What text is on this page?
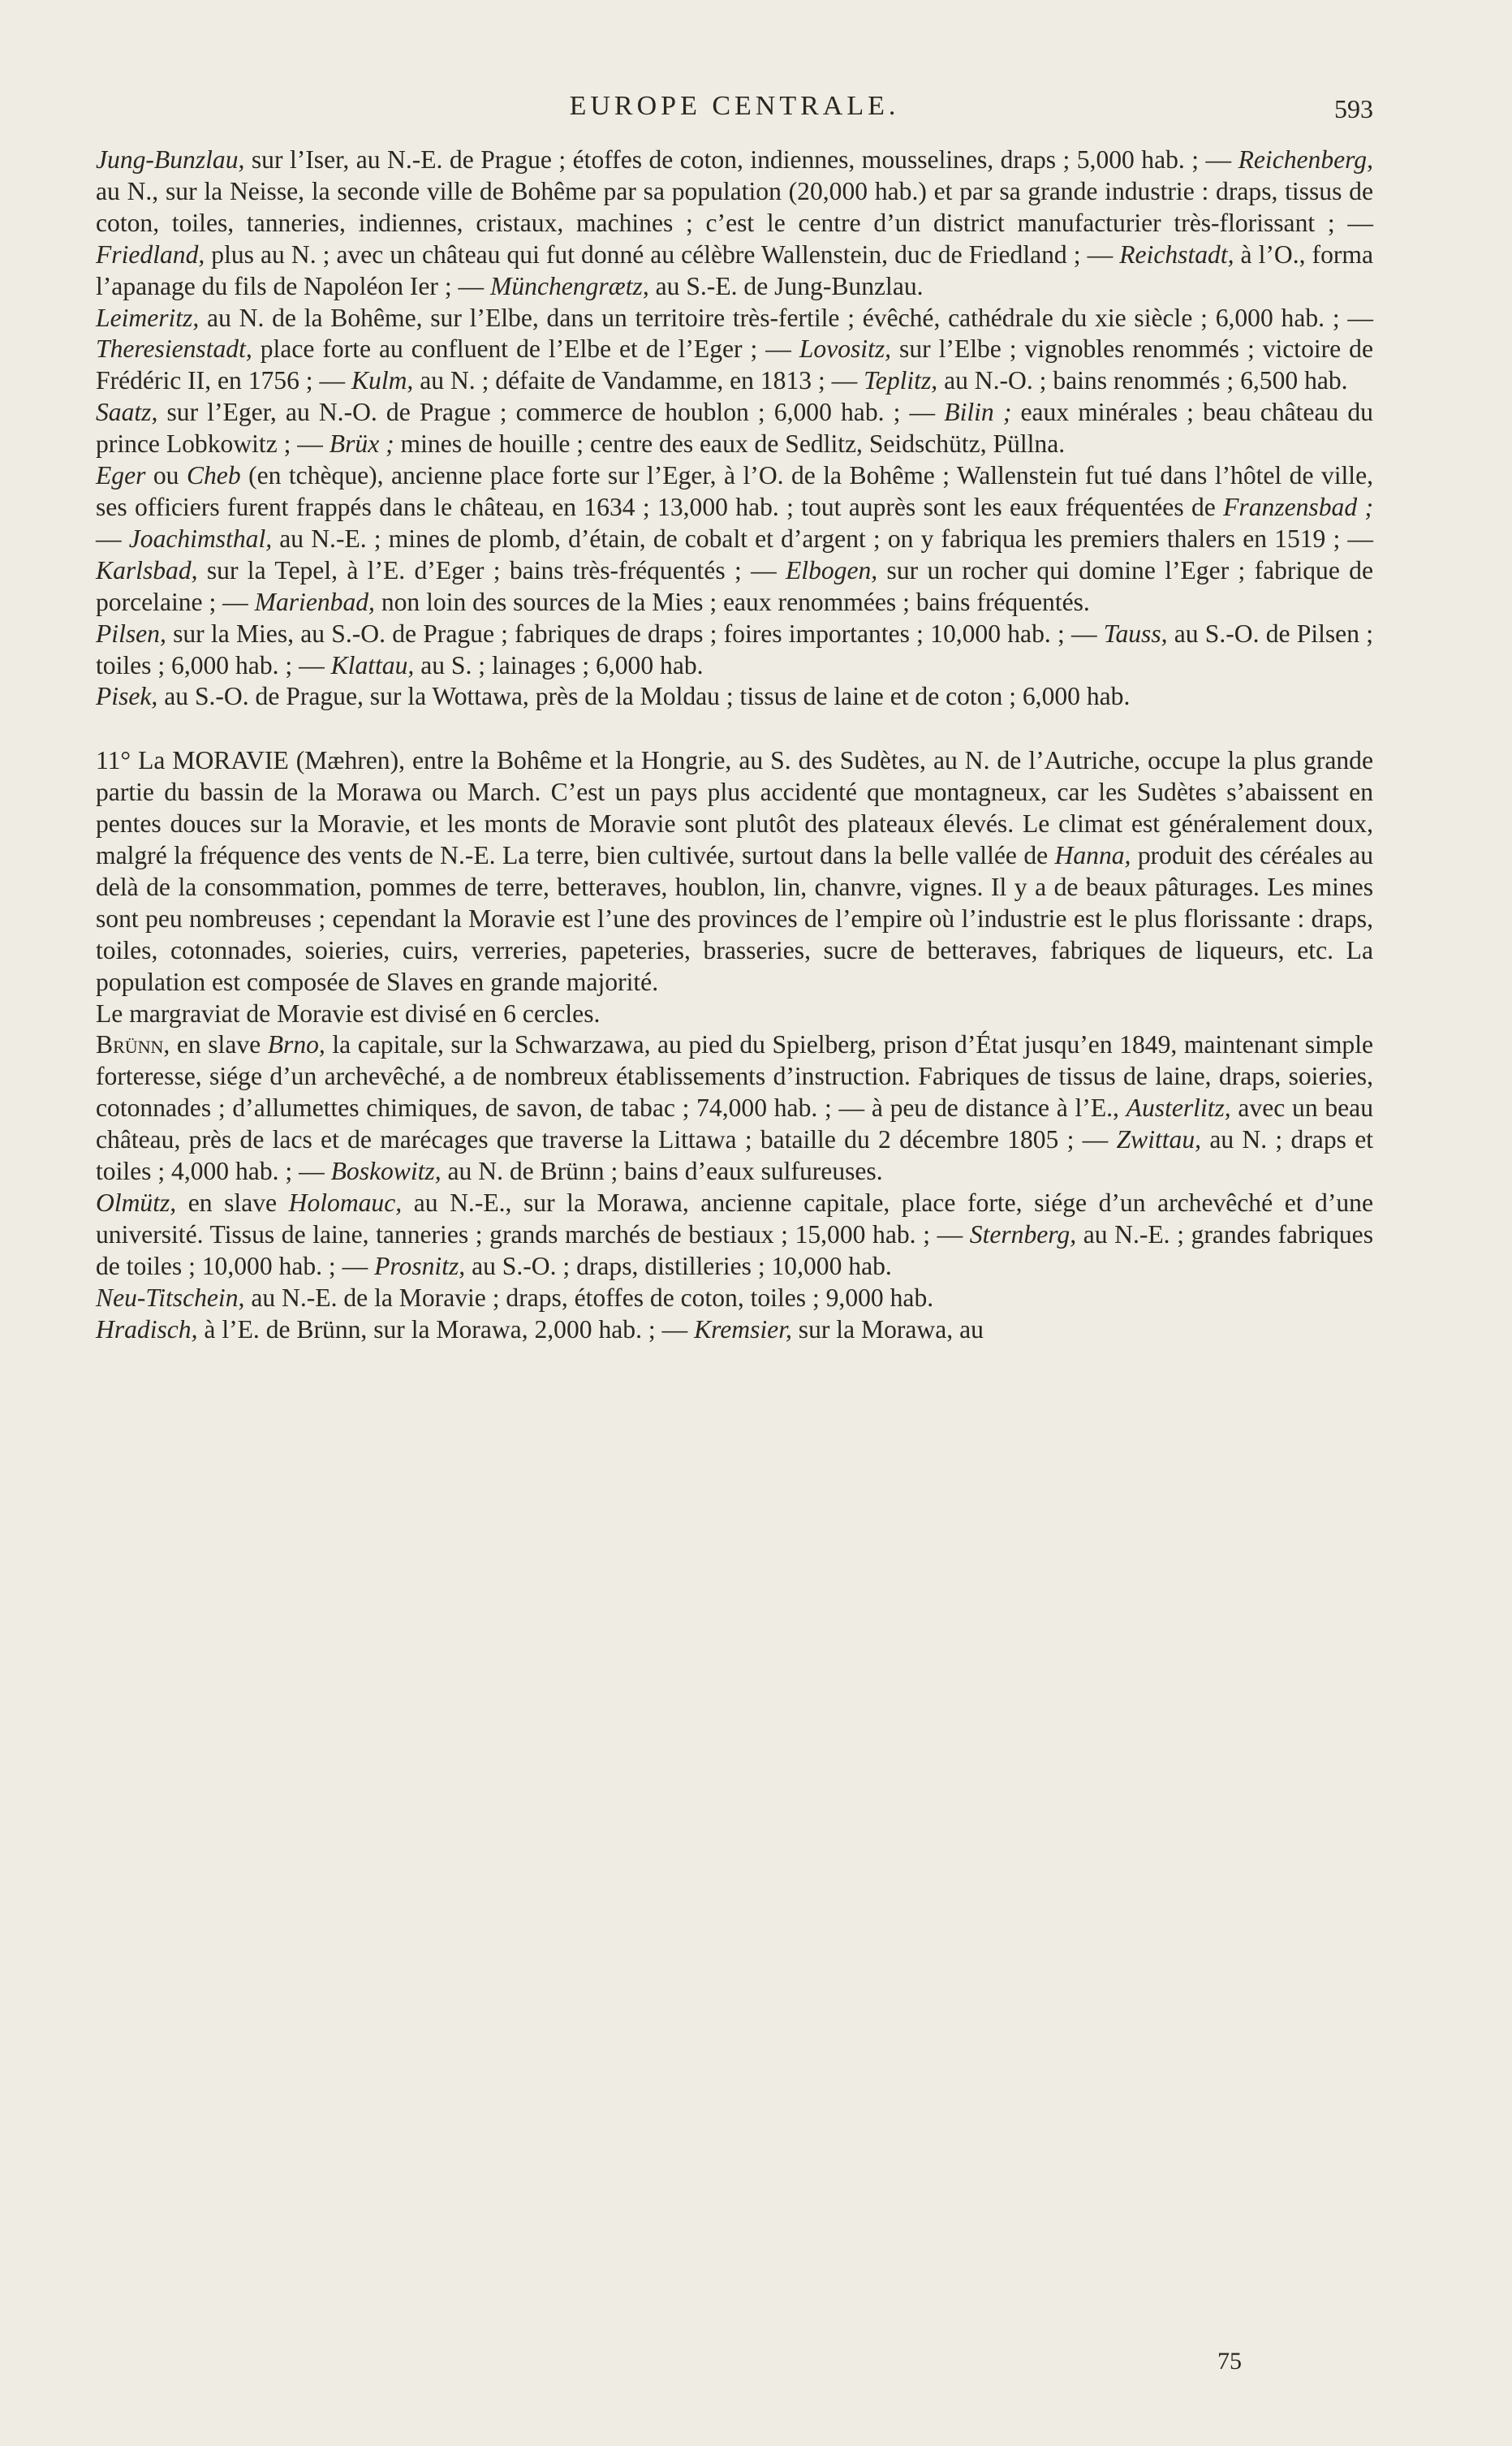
EUROPE CENTRALE.	593

Jung-Bunzlau, sur l’Iser, au N.-E. de Prague ; étoffes de coton, indiennes, mousselines, draps ; 5,000 hab. ; — Reichenberg, au N., sur la Neisse, la seconde ville de Bohême par sa population (20,000 hab.) et par sa grande industrie : draps, tissus de coton, toiles, tanneries, indiennes, cristaux, machines ; c’est le centre d’un district manufacturier très-florissant ; — Friedland, plus au N. ; avec un château qui fut donné au célèbre Wallenstein, duc de Friedland ; — Reichstadt, à l’O., forma l’apanage du fils de Napoléon Ier ; — Münchengrætz, au S.-E. de Jung-Bunzlau.

Leimeritz, au N. de la Bohême, sur l’Elbe, dans un territoire très-fertile ; évêché, cathédrale du xie siècle ; 6,000 hab. ; — Theresienstadt, place forte au confluent de l’Elbe et de l’Eger ; — Lovositz, sur l’Elbe ; vignobles renommés ; victoire de Frédéric II, en 1756 ; — Kulm, au N. ; défaite de Vandamme, en 1813 ; — Teplitz, au N.-O. ; bains renommés ; 6,500 hab.

Saatz, sur l’Eger, au N.-O. de Prague ; commerce de houblon ; 6,000 hab. ; — Bilin ; eaux minérales ; beau château du prince Lobkowitz ; — Brüx ; mines de houille ; centre des eaux de Sedlitz, Seidschütz, Püllna.

Eger ou Cheb (en tchèque), ancienne place forte sur l’Eger, à l’O. de la Bohême ; Wallenstein fut tué dans l’hôtel de ville, ses officiers furent frappés dans le château, en 1634 ; 13,000 hab. ; tout auprès sont les eaux fréquentées de Franzensbad ; — Joachimsthal, au N.-E. ; mines de plomb, d’étain, de cobalt et d’argent ; on y fabriqua les premiers thalers en 1519 ; — Karlsbad, sur la Tepel, à l’E. d’Eger ; bains très-fréquentés ; — Elbogen, sur un rocher qui domine l’Eger ; fabrique de porcelaine ; — Marienbad, non loin des sources de la Mies ; eaux renommées ; bains fréquentés.

Pilsen, sur la Mies, au S.-O. de Prague ; fabriques de draps ; foires importantes ; 10,000 hab. ; — Tauss, au S.-O. de Pilsen ; toiles ; 6,000 hab. ; — Klattau, au S. ; lainages ; 6,000 hab.

Pisek, au S.-O. de Prague, sur la Wottawa, près de la Moldau ; tissus de laine et de coton ; 6,000 hab.

11° La MORAVIE (Mæhren), entre la Bohême et la Hongrie, au S. des Sudètes, au N. de l’Autriche, occupe la plus grande partie du bassin de la Morawa ou March. C’est un pays plus accidenté que montagneux, car les Sudètes s’abaissent en pentes douces sur la Moravie, et les monts de Moravie sont plutôt des plateaux élevés. Le climat est généralement doux, malgré la fréquence des vents de N.-E. La terre, bien cultivée, surtout dans la belle vallée de Hanna, produit des céréales au delà de la consommation, pommes de terre, betteraves, houblon, lin, chanvre, vignes. Il y a de beaux pâturages. Les mines sont peu nombreuses ; cependant la Moravie est l’une des provinces de l’empire où l’industrie est le plus florissante : draps, toiles, cotonnades, soieries, cuirs, verreries, papeteries, brasseries, sucre de betteraves, fabriques de liqueurs, etc. La population est composée de Slaves en grande majorité.

Le margraviat de Moravie est divisé en 6 cercles.

Brünn, en slave Brno, la capitale, sur la Schwarzawa, au pied du Spielberg, prison d’État jusqu’en 1849, maintenant simple forteresse, siége d’un archevêché, a de nombreux établissements d’instruction. Fabriques de tissus de laine, draps, soieries, cotonnades ; d’allumettes chimiques, de savon, de tabac ; 74,000 hab. ; — à peu de distance à l’E., Austerlitz, avec un beau château, près de lacs et de marécages que traverse la Littawa ; bataille du 2 décembre 1805 ; — Zwittau, au N. ; draps et toiles ; 4,000 hab. ; — Boskowitz, au N. de Brünn ; bains d’eaux sulfureuses.

Olmütz, en slave Holomauc, au N.-E., sur la Morawa, ancienne capitale, place forte, siége d’un archevêché et d’une université. Tissus de laine, tanneries ; grands marchés de bestiaux ; 15,000 hab. ; — Sternberg, au N.-E. ; grandes fabriques de toiles ; 10,000 hab. ; — Prosnitz, au S.-O. ; draps, distilleries ; 10,000 hab.

Neu-Titschein, au N.-E. de la Moravie ; draps, étoffes de coton, toiles ; 9,000 hab.

Hradisch, à l’E. de Brünn, sur la Morawa, 2,000 hab. ; — Kremsier, sur la Morawa, au

75
